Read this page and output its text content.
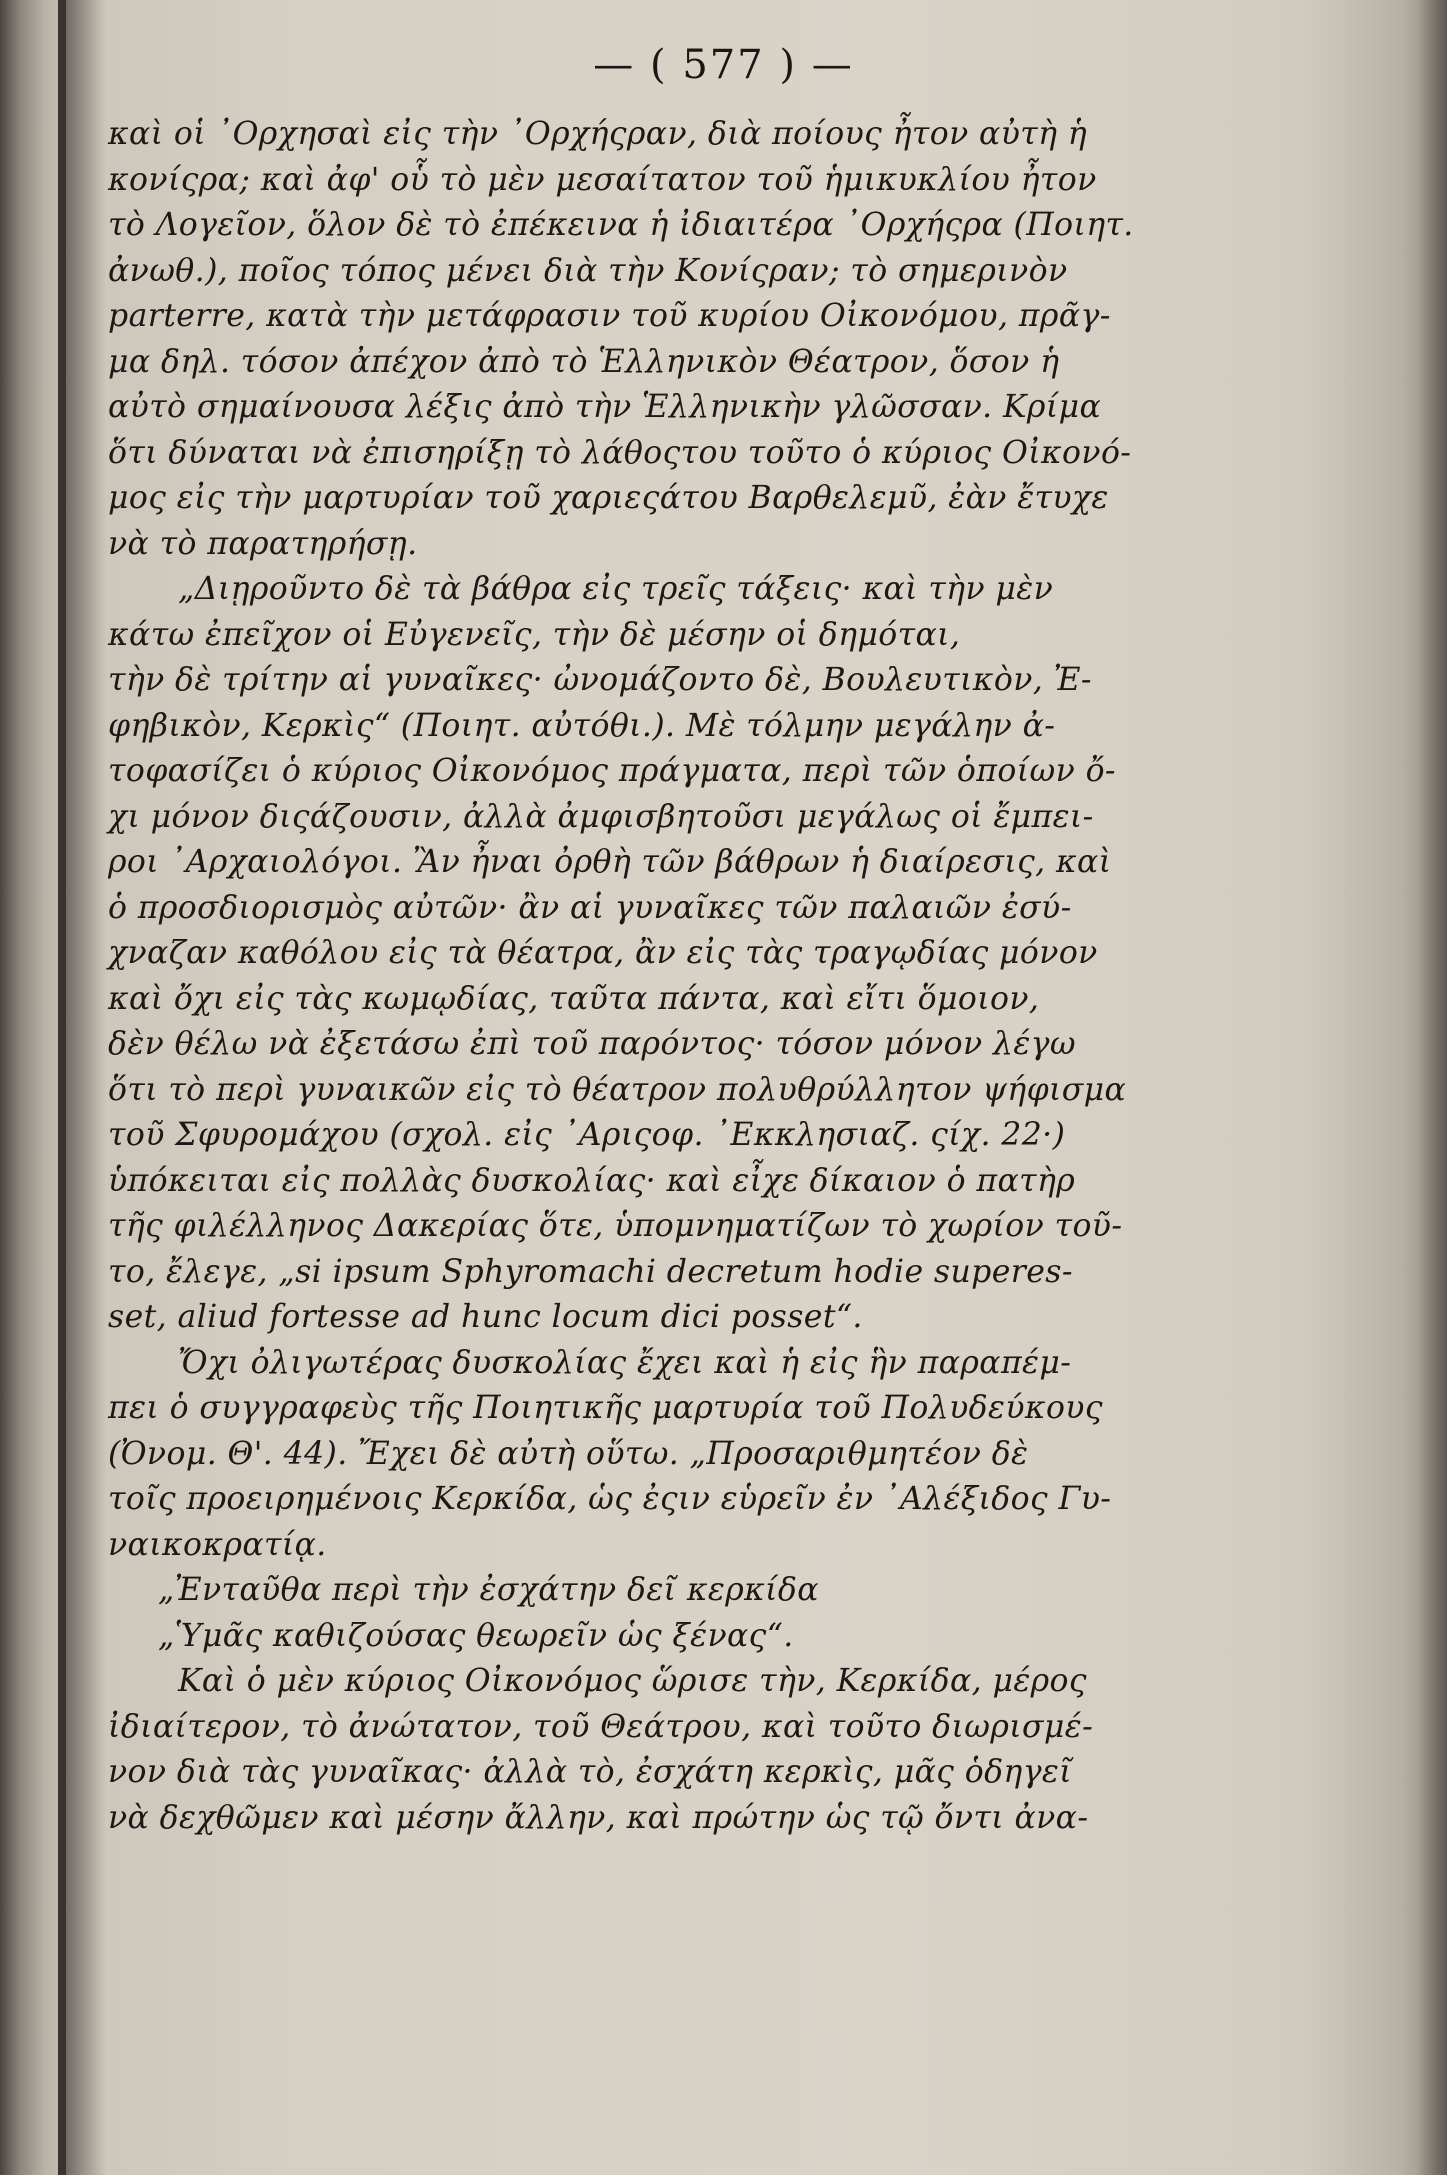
— ( 577 ) —
καὶ οἱ ᾿Ορχησαὶ εἰς τὴν ᾿Ορχήςραν, διὰ ποίους ἦτον αὐτὴ ἡ
κονίςρα; καὶ ἀφ' οὗ τὸ μὲν μεσαίτατον τοῦ ἡμικυκλίου ἦτον
τὸ Λογεῖον, ὅλον δὲ τὸ ἐπέκεινα ἡ ἰδιαιτέρα ᾿Ορχήςρα (Ποιητ.
ἀνωθ.), ποῖος τόπος μένει διὰ τὴν Κονίςραν; τὸ σημερινὸν
parterre, κατὰ τὴν μετάφρασιν τοῦ κυρίου Οἰκονόμου, πρᾶγ-
μα δηλ. τόσον ἀπέχον ἀπὸ τὸ Ἑλληνικὸν Θέατρον, ὅσον ἡ
αὐτὸ σημαίνουσα λέξις ἀπὸ τὴν Ἑλληνικὴν γλῶσσαν. Κρίμα
ὅτι δύναται νὰ ἐπισηρίξῃ τὸ λάθοςτου τοῦτο ὁ κύριος Οἰκονό-
μος εἰς τὴν μαρτυρίαν τοῦ χαριεςάτου Βαρθελεμῦ, ἐὰν ἔτυχε
νὰ τὸ παρατηρήσῃ.
„Διῃροῦντο δὲ τὰ βάθρα εἰς τρεῖς τάξεις· καὶ τὴν μὲν
κάτω ἐπεῖχον οἱ Εὐγενεῖς, τὴν δὲ μέσην οἱ δημόται,
τὴν δὲ τρίτην αἱ γυναῖκες· ὠνομάζοντο δὲ, Βουλευτικὸν, Ἐ-
φηβικὸν, Κερκὶς“ (Ποιητ. αὐτόθι.). Μὲ τόλμην μεγάλην ἀ-
τοφασίζει ὁ κύριος Οἰκονόμος πράγματα, περὶ τῶν ὁποίων ὄ-
χι μόνον διςάζουσιν, ἀλλὰ ἀμφισβητοῦσι μεγάλως οἱ ἔμπει-
ροι ᾿Αρχαιολόγοι. Ἂν ἦναι ὀρθὴ τῶν βάθρων ἡ διαίρεσις, καὶ
ὁ προσδιορισμὸς αὐτῶν· ἂν αἱ γυναῖκες τῶν παλαιῶν ἐσύ-
χναζαν καθόλου εἰς τὰ θέατρα, ἂν εἰς τὰς τραγῳδίας μόνον
καὶ ὄχι εἰς τὰς κωμῳδίας, ταῦτα πάντα, καὶ εἴτι ὅμοιον,
δὲν θέλω νὰ ἐξετάσω ἐπὶ τοῦ παρόντος· τόσον μόνον λέγω
ὅτι τὸ περὶ γυναικῶν εἰς τὸ θέατρον πολυθρύλλητον ψήφισμα
τοῦ Σφυρομάχου (σχολ. εἰς ᾿Αριςοφ. ᾿Εκκλησιαζ. ςίχ. 22·)
ὑπόκειται εἰς πολλὰς δυσκολίας· καὶ εἶχε δίκαιον ὁ πατὴρ
τῆς φιλέλληνος Δακερίας ὅτε, ὑπομνηματίζων τὸ χωρίον τοῦ-
το, ἔλεγε, „si ipsum Sphyromachi decretum hodie superes-
set, aliud fortesse ad hunc locum dici posset“.
Ὄχι ὀλιγωτέρας δυσκολίας ἔχει καὶ ἡ εἰς ἣν παραπέμ-
πει ὁ συγγραφεὺς τῆς Ποιητικῆς μαρτυρία τοῦ Πολυδεύκους
(Ὀνομ. Θ'. 44). Ἔχει δὲ αὐτὴ οὕτω. „Προσαριθμητέον δὲ
τοῖς προειρημένοις Κερκίδα, ὡς ἐςιν εὑρεῖν ἐν ᾿Αλέξιδος Γυ-
ναικοκρατίᾳ.
„Ἐνταῦθα περὶ τὴν ἐσχάτην δεῖ κερκίδα
„Ὑμᾶς καθιζούσας θεωρεῖν ὡς ξένας“.
Καὶ ὁ μὲν κύριος Οἰκονόμος ὥρισε τὴν, Κερκίδα, μέρος
ἰδιαίτερον, τὸ ἀνώτατον, τοῦ Θεάτρου, καὶ τοῦτο διωρισμέ-
νον διὰ τὰς γυναῖκας· ἀλλὰ τὸ, ἐσχάτη κερκὶς, μᾶς ὁδηγεῖ
νὰ δεχθῶμεν καὶ μέσην ἄλλην, καὶ πρώτην ὡς τῷ ὄντι ἀνα-
